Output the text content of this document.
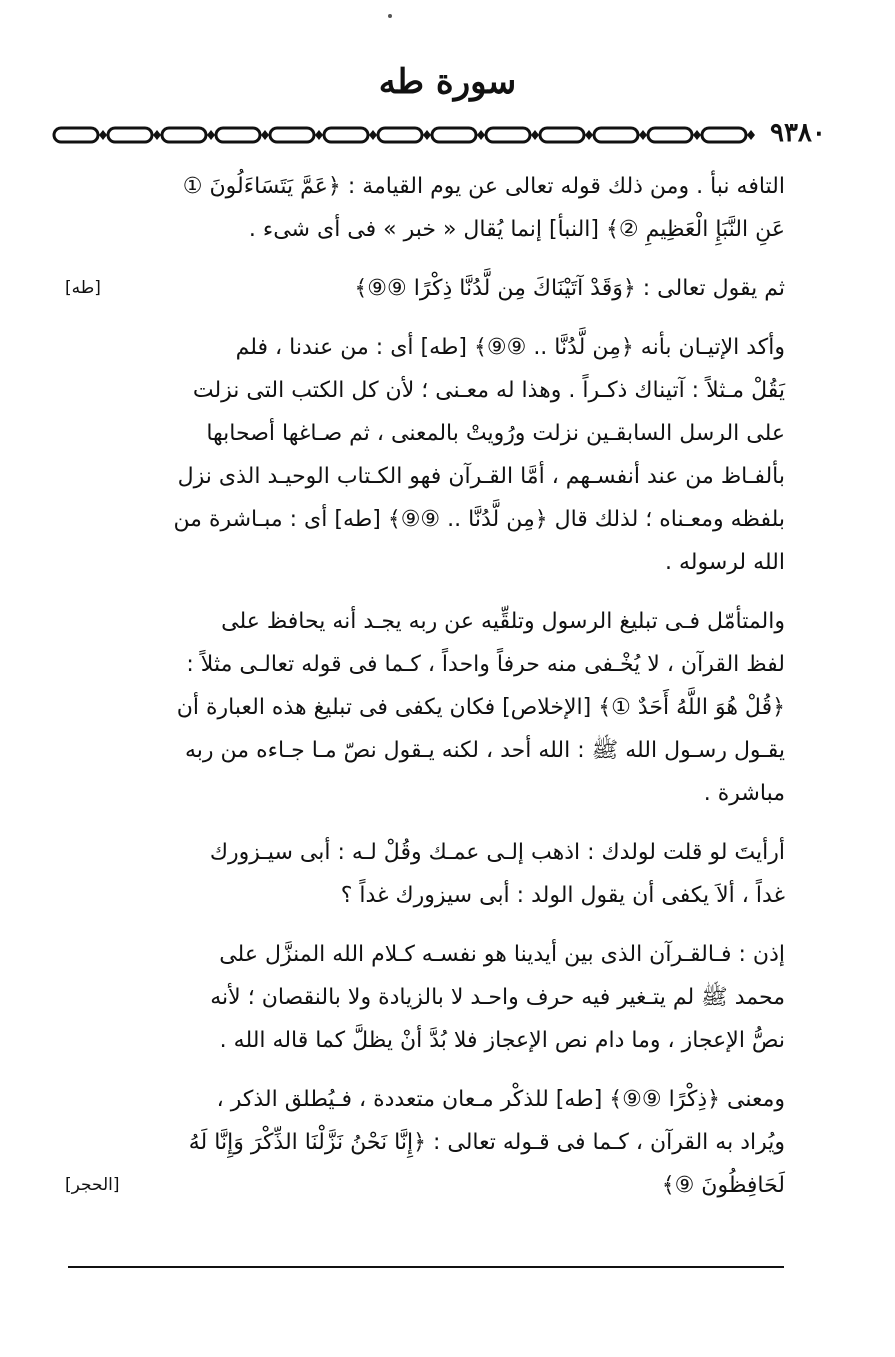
سورة طه
٩٣٨٠

التافه نبأ . ومن ذلك قوله تعالى عن يوم القيامة : ﴿عَمَّ يَتَسَاءَلُونَ ①
عَنِ النَّبَإِ الْعَظِيمِ ②﴾ [النبأ] إنما يُقال « خبر » فى أى شىء .

ثم يقول تعالى : ﴿وَقَدْ آتَيْنَاكَ مِن لَّدُنَّا ذِكْرًا ⑨⑨﴾
[طه]

وأكد الإتيـان بأنه ﴿مِن لَّدُنَّا .. ⑨⑨﴾ [طه] أى : من عندنا ، فلم
يَقُلْ مـثلاً : آتيناك ذكـراً . وهذا له معـنى ؛ لأن كل الكتب التى نزلت
على الرسل السابقـين نزلت ورُويتْ بالمعنى ، ثم صـاغها أصحابها
بألفـاظ من عند أنفسـهم ، أمَّا القـرآن فهو الكـتاب الوحيـد الذى نزل
بلفظه ومعـناه ؛ لذلك قال ﴿مِن لَّدُنَّا .. ⑨⑨﴾ [طه] أى : مبـاشرة من
الله لرسوله .

والمتأمّل فـى تبليغ الرسول وتلقِّيه عن ربه يجـد أنه يحافظ على
لفظ القرآن ، لا يُخْـفى منه حرفاً واحداً ، كـما فى قوله تعالـى مثلاً :
﴿قُلْ هُوَ اللَّهُ أَحَدٌ ①﴾ [الإخلاص] فكان يكفى فى تبليغ هذه العبارة أن
يقـول رسـول الله ﷺ : الله أحد ، لكنه يـقول نصّ مـا جـاءه من ربه
مباشرة .

أرأيتَ لو قلت لولدك : اذهب إلـى عمـك وقُلْ لـه : أبى سيـزورك
غداً ، ألاَ يكفى أن يقول الولد : أبى سيزورك غداً ؟

إذن : فـالقـرآن الذى بين أيدينا هو نفسـه كـلام الله المنزَّل على
محمد ﷺ لم يتـغير فيه حرف واحـد لا بالزيادة ولا بالنقصان ؛ لأنه
نصُّ الإعجاز ، وما دام نص الإعجاز فلا بُدَّ أنْ يظلَّ كما قاله الله .

ومعنى ﴿ذِكْرًا ⑨⑨﴾ [طه] للذكْر مـعان متعددة ، فـيُطلق الذكر ،
ويُراد به القرآن ، كـما فى قـوله تعالى : ﴿إِنَّا نَحْنُ نَزَّلْنَا الذِّكْرَ وَإِنَّا لَهُ
لَحَافِظُونَ ⑨﴾
[الحجر]
